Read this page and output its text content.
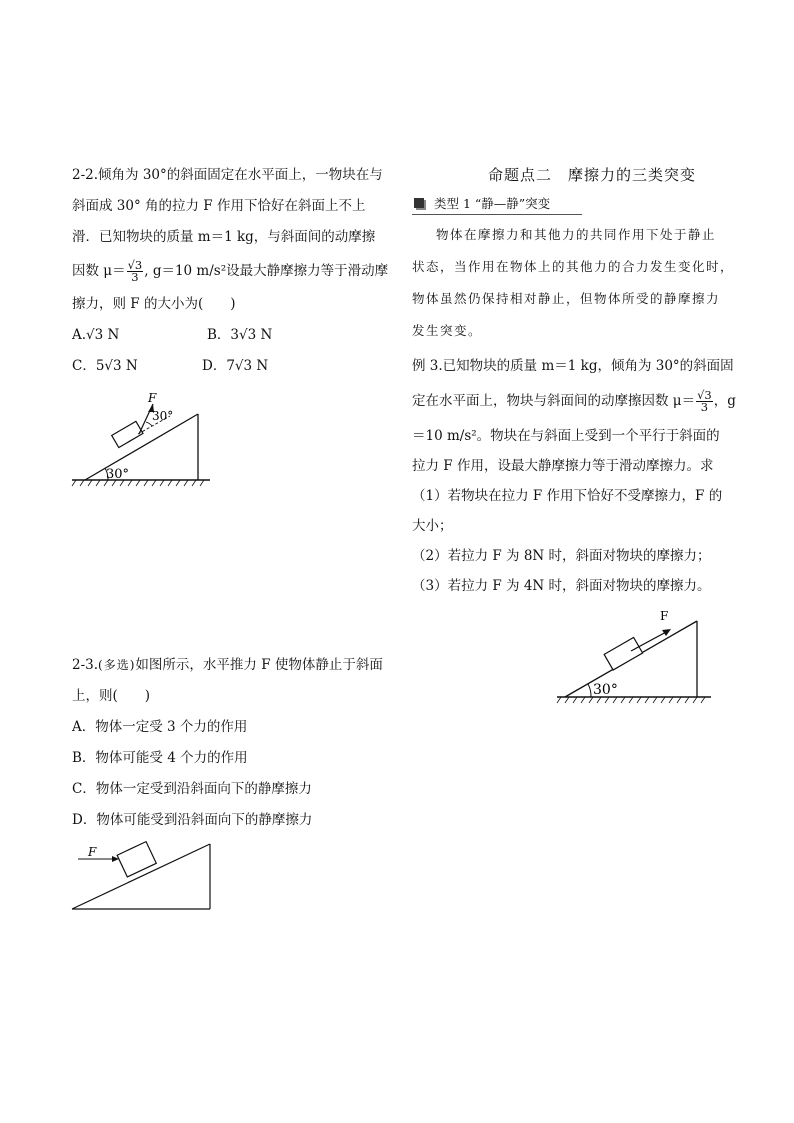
2-2.倾角为 30°的斜面固定在水平面上，一物块在与
斜面成 30° 角的拉力 F 作用下恰好在斜面上不上
滑．已知物块的质量 m＝1 kg，与斜面间的动摩擦
因数 $\mu= \frac{√3}{3}$ , g＝10 m/s²设最大静摩擦力等于滑动摩
擦力，则 F 的大小为(　　)
A.√3 N	B．3√3 N
C．5√3 N	D．7√3 N
30°
F
30°
2-3.(多选)如图所示，水平推力 F 使物体静止于斜面
上，则(　　)
A．物体一定受 3 个力的作用
B．物体可能受 4 个力的作用
C．物体一定受到沿斜面向下的静摩擦力
D．物体可能受到沿斜面向下的静摩擦力
F
命题点二　摩擦力的三类突变
类型 1 “静—静”突变
物体在摩擦力和其他力的共同作用下处于静止
状态，当作用在物体上的其他力的合力发生变化时，
物体虽然仍保持相对静止，但物体所受的静摩擦力
发生突变。
例 3.已知物块的质量 m＝1 kg，倾角为 30°的斜面固
定在水平面上，物块与斜面间的动摩擦因数 $\mu= \frac{√3}{3}$ ，g
＝10 m/s²。物块在与斜面上受到一个平行于斜面的
拉力 F 作用，设最大静摩擦力等于滑动摩擦力。求
（1）若物块在拉力 F 作用下恰好不受摩擦力，F 的
大小；
（2）若拉力 F 为 8N 时，斜面对物块的摩擦力；
（3）若拉力 F 为 4N 时，斜面对物块的摩擦力。
30°
F
